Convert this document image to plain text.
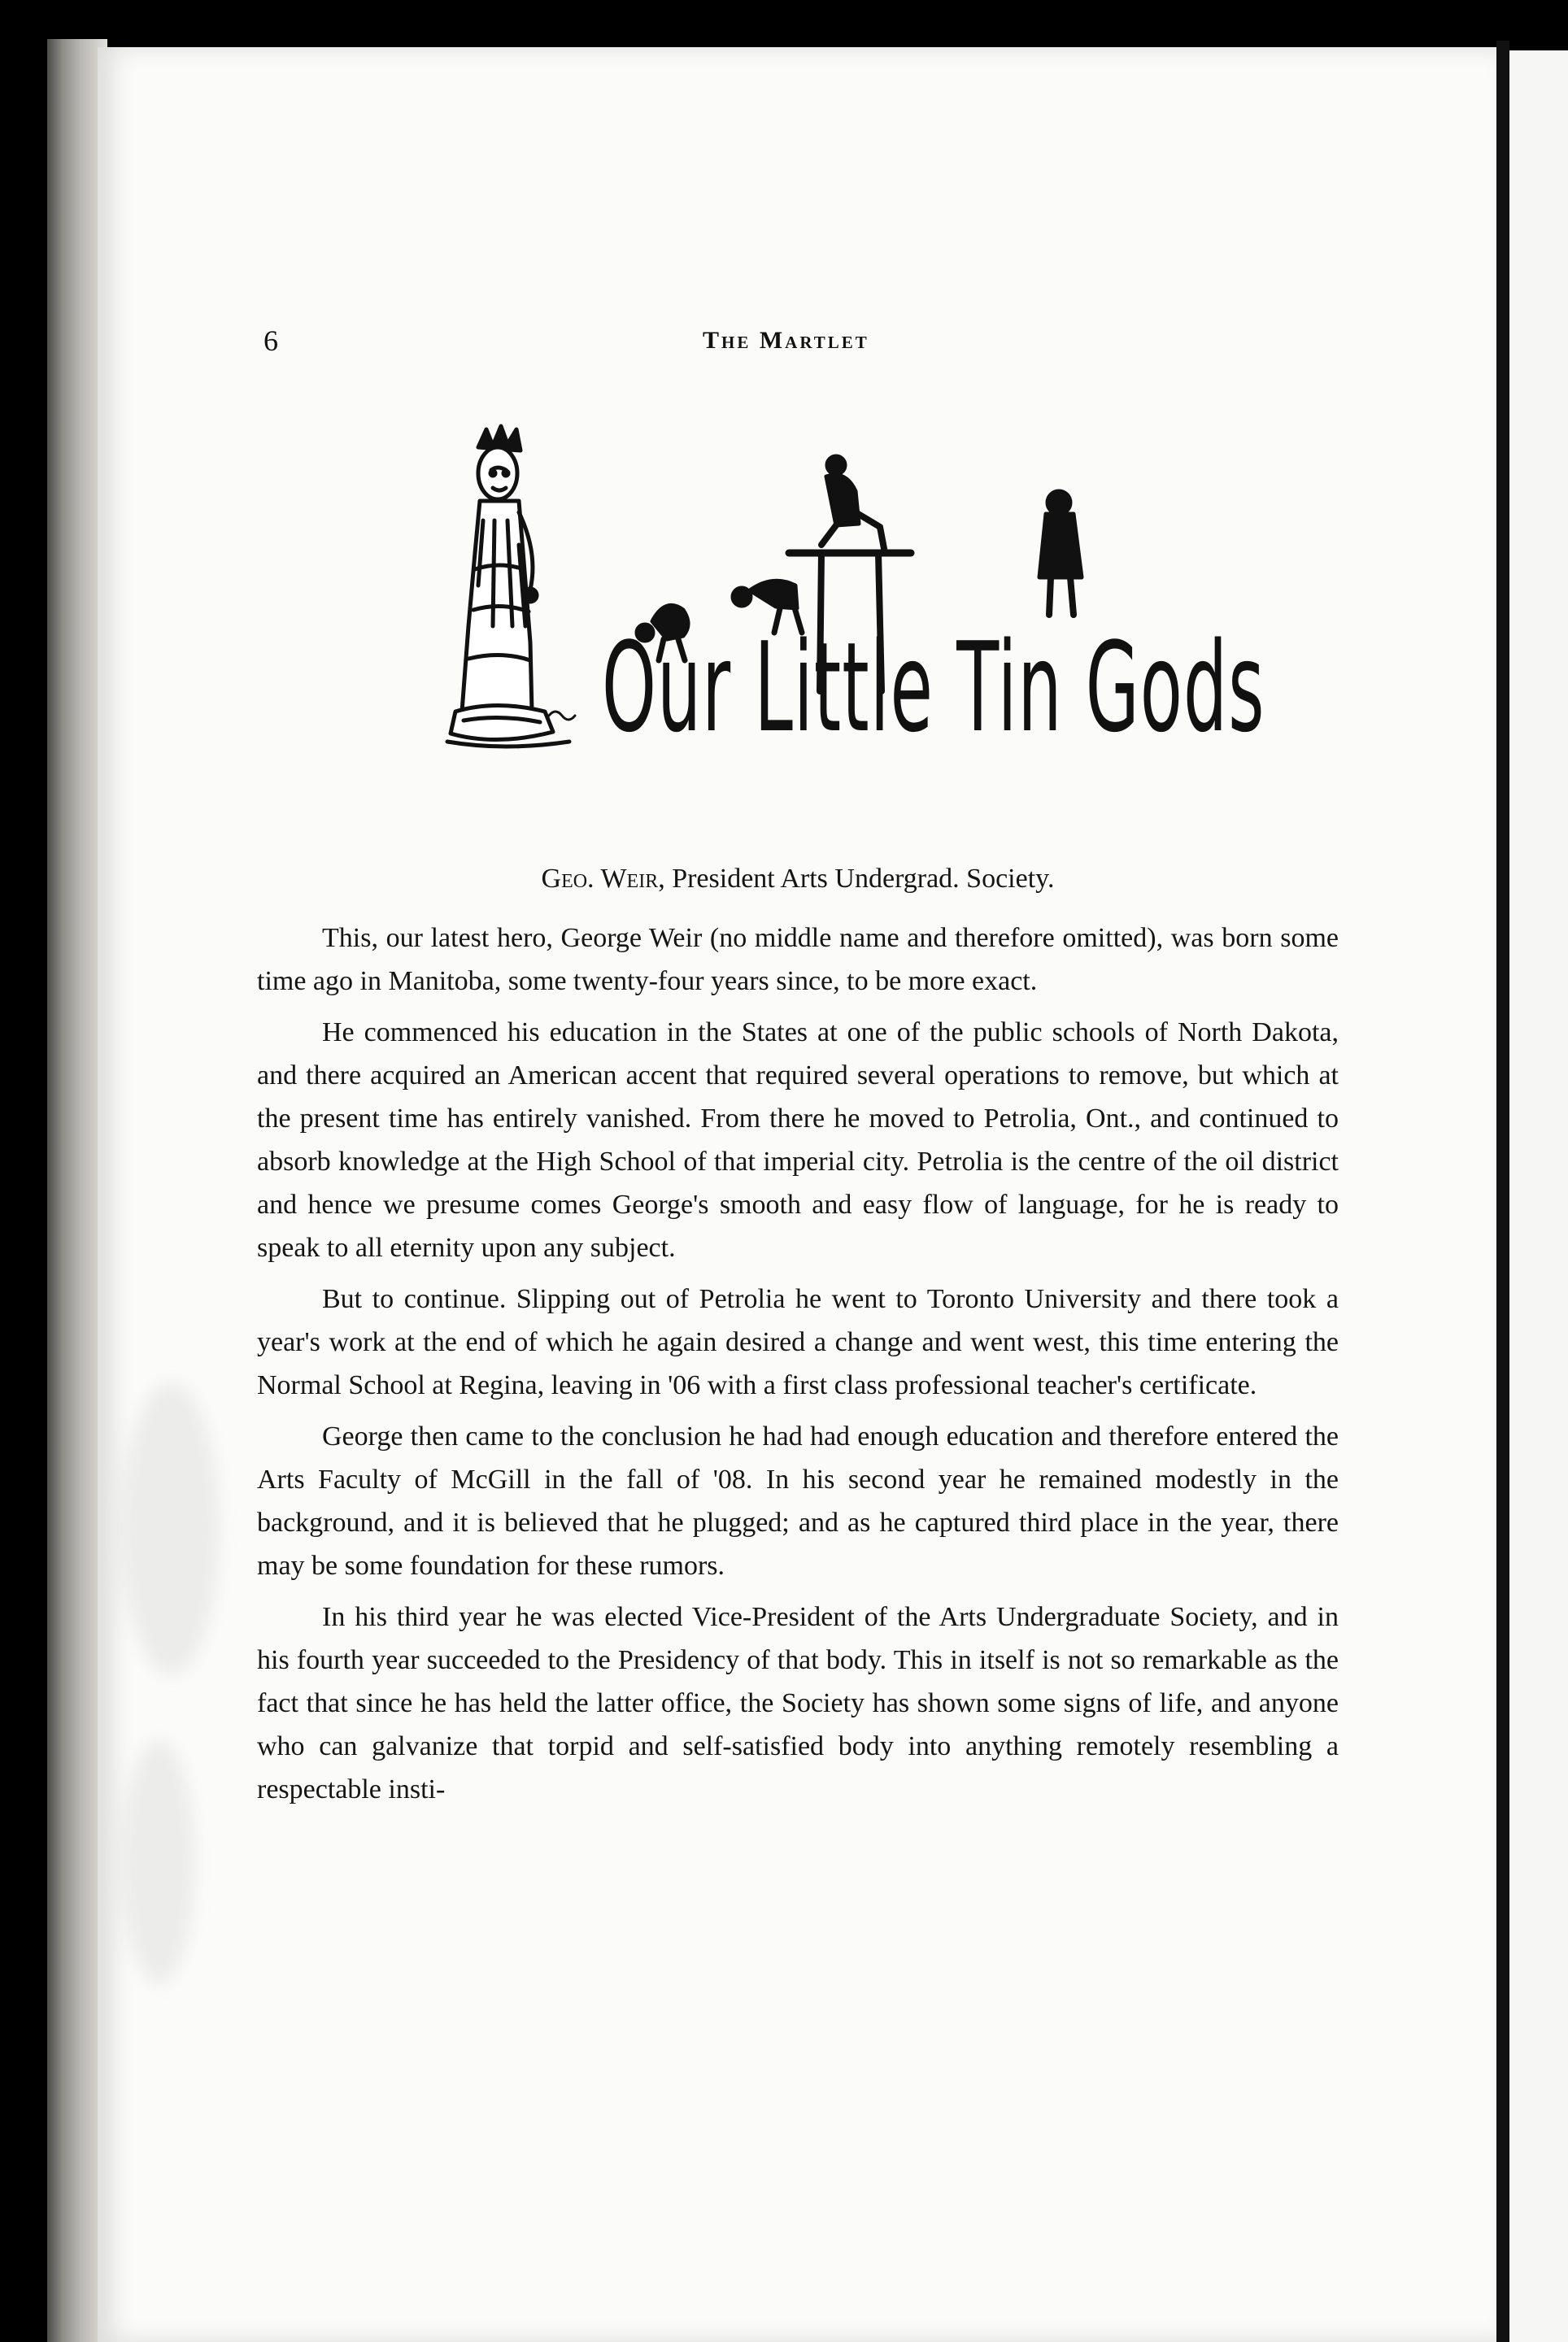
6	The Martlet
Our Little Tin Gods
Geo. Weir, President Arts Undergrad. Society.

This, our latest hero, George Weir (no middle name and therefore omitted), was born some time ago in Manitoba, some twenty-four years since, to be more exact.

He commenced his education in the States at one of the public schools of North Dakota, and there acquired an American accent that required several operations to remove, but which at the present time has entirely vanished. From there he moved to Petrolia, Ont., and continued to absorb knowledge at the High School of that imperial city. Petrolia is the centre of the oil district and hence we presume comes George's smooth and easy flow of language, for he is ready to speak to all eternity upon any subject.

But to continue. Slipping out of Petrolia he went to Toronto University and there took a year's work at the end of which he again desired a change and went west, this time entering the Normal School at Regina, leaving in '06 with a first class professional teacher's certificate.

George then came to the conclusion he had had enough education and therefore entered the Arts Faculty of McGill in the fall of '08. In his second year he remained modestly in the background, and it is believed that he plugged; and as he captured third place in the year, there may be some foundation for these rumors.

In his third year he was elected Vice-President of the Arts Undergraduate Society, and in his fourth year succeeded to the Presidency of that body. This in itself is not so remarkable as the fact that since he has held the latter office, the Society has shown some signs of life, and anyone who can galvanize that torpid and self-satisfied body into anything remotely resembling a respectable insti-
